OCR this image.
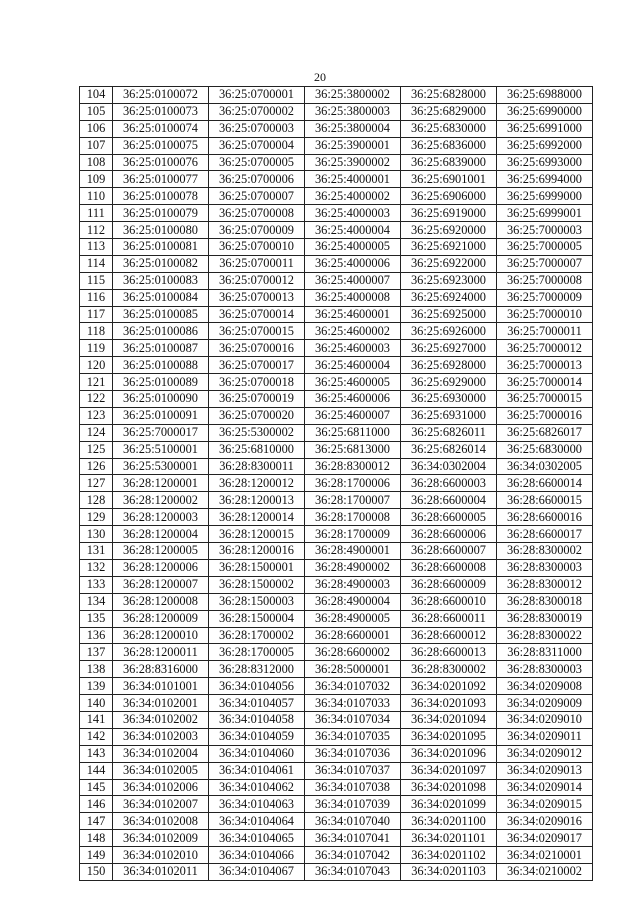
20
104	36:25:0100072	36:25:0700001	36:25:3800002	36:25:6828000	36:25:6988000
105	36:25:0100073	36:25:0700002	36:25:3800003	36:25:6829000	36:25:6990000
106	36:25:0100074	36:25:0700003	36:25:3800004	36:25:6830000	36:25:6991000
107	36:25:0100075	36:25:0700004	36:25:3900001	36:25:6836000	36:25:6992000
108	36:25:0100076	36:25:0700005	36:25:3900002	36:25:6839000	36:25:6993000
109	36:25:0100077	36:25:0700006	36:25:4000001	36:25:6901001	36:25:6994000
110	36:25:0100078	36:25:0700007	36:25:4000002	36:25:6906000	36:25:6999000
111	36:25:0100079	36:25:0700008	36:25:4000003	36:25:6919000	36:25:6999001
112	36:25:0100080	36:25:0700009	36:25:4000004	36:25:6920000	36:25:7000003
113	36:25:0100081	36:25:0700010	36:25:4000005	36:25:6921000	36:25:7000005
114	36:25:0100082	36:25:0700011	36:25:4000006	36:25:6922000	36:25:7000007
115	36:25:0100083	36:25:0700012	36:25:4000007	36:25:6923000	36:25:7000008
116	36:25:0100084	36:25:0700013	36:25:4000008	36:25:6924000	36:25:7000009
117	36:25:0100085	36:25:0700014	36:25:4600001	36:25:6925000	36:25:7000010
118	36:25:0100086	36:25:0700015	36:25:4600002	36:25:6926000	36:25:7000011
119	36:25:0100087	36:25:0700016	36:25:4600003	36:25:6927000	36:25:7000012
120	36:25:0100088	36:25:0700017	36:25:4600004	36:25:6928000	36:25:7000013
121	36:25:0100089	36:25:0700018	36:25:4600005	36:25:6929000	36:25:7000014
122	36:25:0100090	36:25:0700019	36:25:4600006	36:25:6930000	36:25:7000015
123	36:25:0100091	36:25:0700020	36:25:4600007	36:25:6931000	36:25:7000016
124	36:25:7000017	36:25:5300002	36:25:6811000	36:25:6826011	36:25:6826017
125	36:25:5100001	36:25:6810000	36:25:6813000	36:25:6826014	36:25:6830000
126	36:25:5300001	36:28:8300011	36:28:8300012	36:34:0302004	36:34:0302005
127	36:28:1200001	36:28:1200012	36:28:1700006	36:28:6600003	36:28:6600014
128	36:28:1200002	36:28:1200013	36:28:1700007	36:28:6600004	36:28:6600015
129	36:28:1200003	36:28:1200014	36:28:1700008	36:28:6600005	36:28:6600016
130	36:28:1200004	36:28:1200015	36:28:1700009	36:28:6600006	36:28:6600017
131	36:28:1200005	36:28:1200016	36:28:4900001	36:28:6600007	36:28:8300002
132	36:28:1200006	36:28:1500001	36:28:4900002	36:28:6600008	36:28:8300003
133	36:28:1200007	36:28:1500002	36:28:4900003	36:28:6600009	36:28:8300012
134	36:28:1200008	36:28:1500003	36:28:4900004	36:28:6600010	36:28:8300018
135	36:28:1200009	36:28:1500004	36:28:4900005	36:28:6600011	36:28:8300019
136	36:28:1200010	36:28:1700002	36:28:6600001	36:28:6600012	36:28:8300022
137	36:28:1200011	36:28:1700005	36:28:6600002	36:28:6600013	36:28:8311000
138	36:28:8316000	36:28:8312000	36:28:5000001	36:28:8300002	36:28:8300003
139	36:34:0101001	36:34:0104056	36:34:0107032	36:34:0201092	36:34:0209008
140	36:34:0102001	36:34:0104057	36:34:0107033	36:34:0201093	36:34:0209009
141	36:34:0102002	36:34:0104058	36:34:0107034	36:34:0201094	36:34:0209010
142	36:34:0102003	36:34:0104059	36:34:0107035	36:34:0201095	36:34:0209011
143	36:34:0102004	36:34:0104060	36:34:0107036	36:34:0201096	36:34:0209012
144	36:34:0102005	36:34:0104061	36:34:0107037	36:34:0201097	36:34:0209013
145	36:34:0102006	36:34:0104062	36:34:0107038	36:34:0201098	36:34:0209014
146	36:34:0102007	36:34:0104063	36:34:0107039	36:34:0201099	36:34:0209015
147	36:34:0102008	36:34:0104064	36:34:0107040	36:34:0201100	36:34:0209016
148	36:34:0102009	36:34:0104065	36:34:0107041	36:34:0201101	36:34:0209017
149	36:34:0102010	36:34:0104066	36:34:0107042	36:34:0201102	36:34:0210001
150	36:34:0102011	36:34:0104067	36:34:0107043	36:34:0201103	36:34:0210002
